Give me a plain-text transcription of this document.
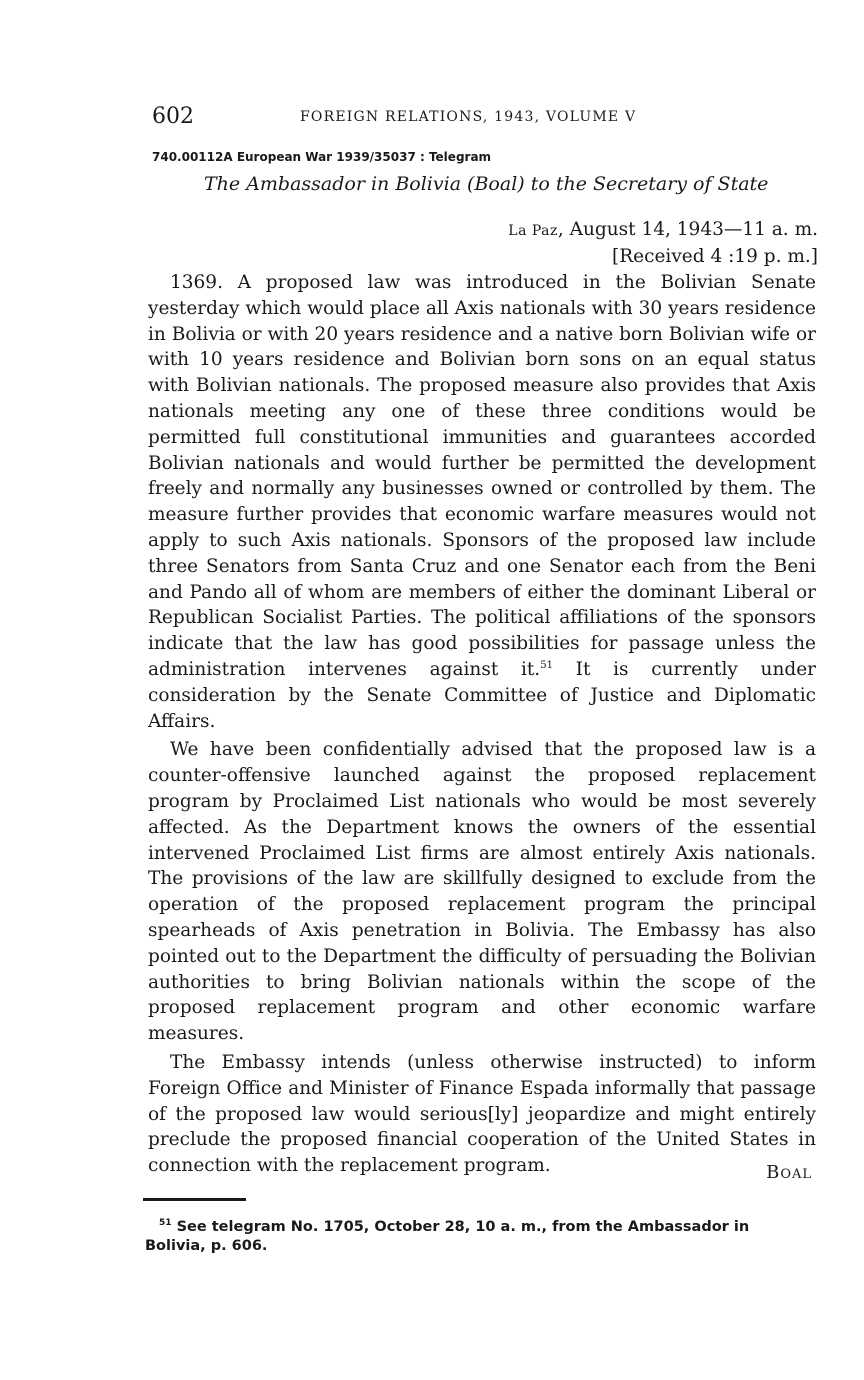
602	FOREIGN RELATIONS, 1943, VOLUME V
740.00112A European War 1939/35037 : Telegram
The Ambassador in Bolivia (Boal) to the Secretary of State
La Paz, August 14, 1943—11 a. m.
[Received 4 :19 p. m.]

1369. A proposed law was introduced in the Bolivian Senate yesterday which would place all Axis nationals with 30 years residence in Bolivia or with 20 years residence and a native born Bolivian wife or with 10 years residence and Bolivian born sons on an equal status with Bolivian nationals. The proposed measure also provides that Axis nationals meeting any one of these three conditions would be permitted full constitutional immunities and guarantees accorded Bolivian nationals and would further be permitted the development freely and normally any businesses owned or controlled by them. The measure further provides that economic warfare measures would not apply to such Axis nationals. Sponsors of the proposed law include three Senators from Santa Cruz and one Senator each from the Beni and Pando all of whom are members of either the dominant Liberal or Republican Socialist Parties. The political affiliations of the sponsors indicate that the law has good possibilities for passage unless the administration intervenes against it.$^{51}$ It is currently under consideration by the Senate Committee of Justice and Diplomatic Affairs.

We have been confidentially advised that the proposed law is a counter-offensive launched against the proposed replacement program by Proclaimed List nationals who would be most severely affected. As the Department knows the owners of the essential intervened Proclaimed List firms are almost entirely Axis nationals. The provisions of the law are skillfully designed to exclude from the operation of the proposed replacement program the principal spearheads of Axis penetration in Bolivia. The Embassy has also pointed out to the Department the difficulty of persuading the Bolivian authorities to bring Bolivian nationals within the scope of the proposed replacement program and other economic warfare measures.

The Embassy intends (unless otherwise instructed) to inform Foreign Office and Minister of Finance Espada informally that passage of the proposed law would serious[ly] jeopardize and might entirely preclude the proposed financial cooperation of the United States in connection with the replacement program.	Boal
$^{51}$ See telegram No. 1705, October 28, 10 a. m., from the Ambassador in Bolivia, p. 606.
